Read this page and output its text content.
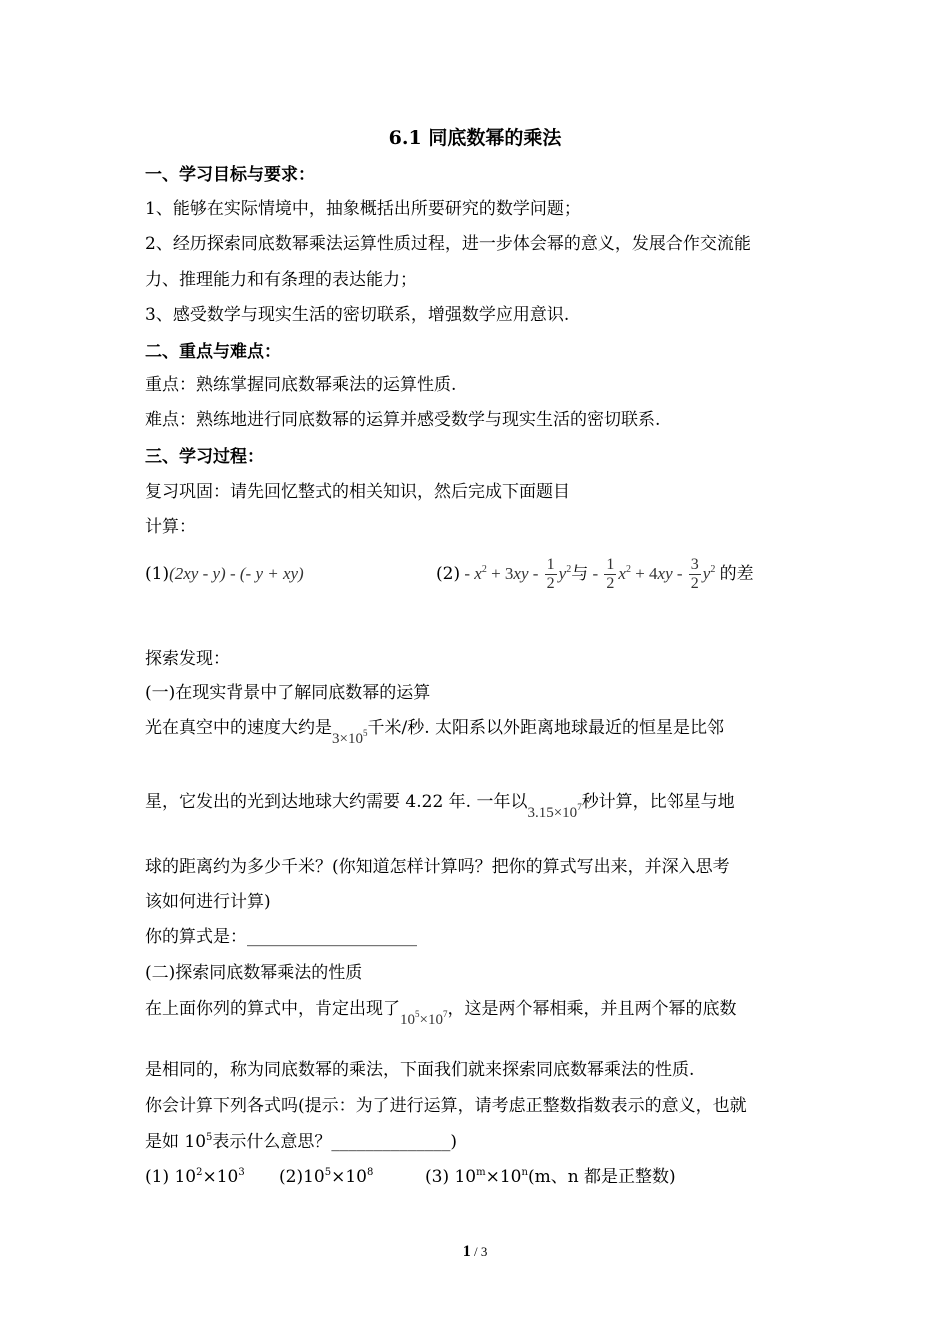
6.1 同底数幂的乘法
一、学习目标与要求：
1、能够在实际情境中，抽象概括出所要研究的数学问题；
2、经历探索同底数幂乘法运算性质过程，进一步体会幂的意义，发展合作交流能
力、推理能力和有条理的表达能力；
3、感受数学与现实生活的密切联系，增强数学应用意识.
二、重点与难点：
重点：熟练掌握同底数幂乘法的运算性质.
难点：熟练地进行同底数幂的运算并感受数学与现实生活的密切联系.
三、学习过程：
复习巩固：请先回忆整式的相关知识，然后完成下面题目
计算：
(1)(2xy - y) - (- y + xy)	$(2) - x^2 + 3xy - \frac{1}{2} y^2$与 - $\frac{1}{2} x^2 + 4xy - \frac{3}{2} y^2$ 的差
探索发现：
(一)在现实背景中了解同底数幂的运算
光在真空中的速度大约是$3\times 10^5$千米/秒. 太阳系以外距离地球最近的恒星是比邻
星，它发出的光到达地球大约需要 4.22 年. 一年以$3.15\times 10^7$秒计算，比邻星与地
球的距离约为多少千米？(你知道怎样计算吗？把你的算式写出来，并深入思考
该如何进行计算)
你的算式是：____________________
(二)探索同底数幂乘法的性质
在上面你列的算式中，肯定出现了$10^5\times 10^7$，这是两个幂相乘，并且两个幂的底数
是相同的，称为同底数幂的乘法，下面我们就来探索同底数幂乘法的性质.
你会计算下列各式吗(提示：为了进行运算，请考虑正整数指数表示的意义，也就
是如 $10^5$表示什么意思？______________)
(1) $10^2\times 10^3$ $(2)10^5\times 10^8$	(3) $10^m\times 10^n(m$、n 都是正整数)
1 / 3
